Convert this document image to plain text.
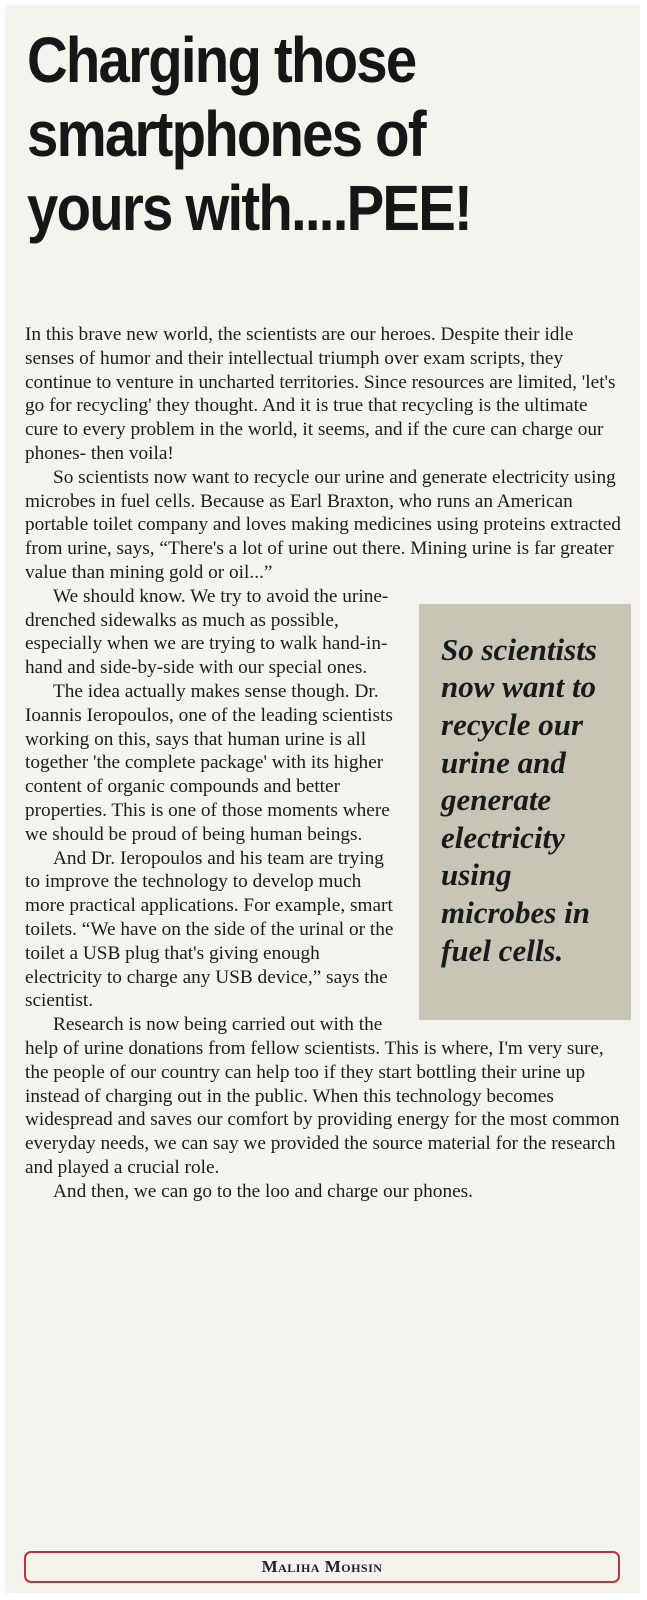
Charging those smartphones of yours with....PEE!

In this brave new world, the scientists are our heroes. Despite their idle senses of humor and their intellectual triumph over exam scripts, they continue to venture in uncharted territories. Since resources are limited, 'let's go for recycling' they thought. And it is true that recycling is the ultimate cure to every problem in the world, it seems, and if the cure can charge our phones- then voila!

So scientists now want to recycle our urine and generate electricity using microbes in fuel cells. Because as Earl Braxton, who runs an American portable toilet company and loves making medicines using proteins extracted from urine, says, “There's a lot of urine out there. Mining urine is far greater value than mining gold or oil...”

So scientists now want to recycle our urine and generate electricity using microbes in fuel cells.

We should know. We try to avoid the urine-drenched sidewalks as much as possible, especially when we are trying to walk hand-in-hand and side-by-side with our special ones.

The idea actually makes sense though. Dr. Ioannis Ieropoulos, one of the leading scientists working on this, says that human urine is all together 'the complete package' with its higher content of organic compounds and better properties. This is one of those moments where we should be proud of being human beings.

And Dr. Ieropoulos and his team are trying to improve the technology to develop much more practical applications. For example, smart toilets. “We have on the side of the urinal or the toilet a USB plug that's giving enough electricity to charge any USB device,” says the scientist.

Research is now being carried out with the help of urine donations from fellow scientists. This is where, I'm very sure, the people of our country can help too if they start bottling their urine up instead of charging out in the public. When this technology becomes widespread and saves our comfort by providing energy for the most common everyday needs, we can say we provided the source material for the research and played a crucial role.

And then, we can go to the loo and charge our phones.

Maliha Mohsin
